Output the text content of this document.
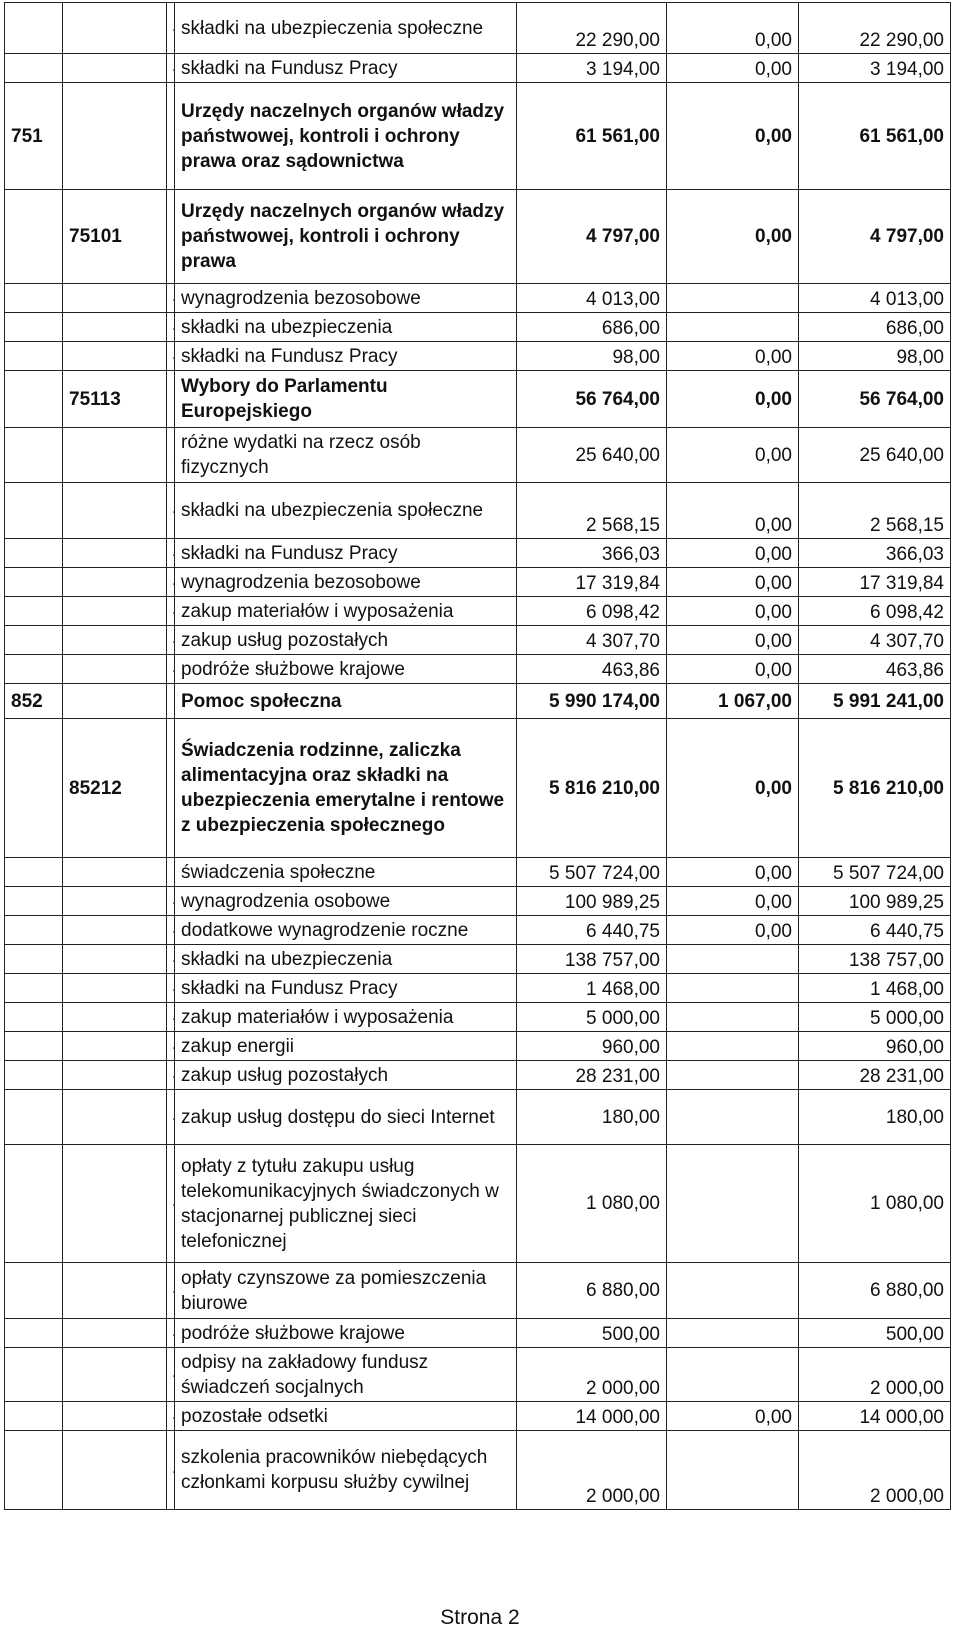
			składki na ubezpieczenia społeczne	22 290,00	0,00	22 290,00
			składki na Fundusz Pracy	3 194,00	0,00	3 194,00
751			Urzędy naczelnych organów władzy państwowej, kontroli i ochrony prawa oraz sądownictwa	61 561,00	0,00	61 561,00
	75101		Urzędy naczelnych organów władzy państwowej, kontroli i ochrony prawa	4 797,00	0,00	4 797,00
			wynagrodzenia bezosobowe	4 013,00		4 013,00
			składki na ubezpieczenia	686,00		686,00
			składki na Fundusz Pracy	98,00	0,00	98,00
	75113		Wybory do Parlamentu Europejskiego	56 764,00	0,00	56 764,00
			różne wydatki na rzecz osób fizycznych	25 640,00	0,00	25 640,00
			składki na ubezpieczenia społeczne	2 568,15	0,00	2 568,15
			składki na Fundusz Pracy	366,03	0,00	366,03
			wynagrodzenia bezosobowe	17 319,84	0,00	17 319,84
			zakup materiałów i wyposażenia	6 098,42	0,00	6 098,42
			zakup usług pozostałych	4 307,70	0,00	4 307,70
			podróże służbowe krajowe	463,86	0,00	463,86
852			Pomoc społeczna	5 990 174,00	1 067,00	5 991 241,00
	85212		Świadczenia rodzinne, zaliczka alimentacyjna oraz składki na ubezpieczenia emerytalne i rentowe z ubezpieczenia społecznego	5 816 210,00	0,00	5 816 210,00
			świadczenia społeczne	5 507 724,00	0,00	5 507 724,00
			wynagrodzenia osobowe	100 989,25	0,00	100 989,25
			dodatkowe wynagrodzenie roczne	6 440,75	0,00	6 440,75
			składki na ubezpieczenia	138 757,00		138 757,00
			składki na Fundusz Pracy	1 468,00		1 468,00
			zakup materiałów i wyposażenia	5 000,00		5 000,00
			zakup energii	960,00		960,00
			zakup usług pozostałych	28 231,00		28 231,00
			zakup usług dostępu do sieci Internet	180,00		180,00
			opłaty z tytułu zakupu usług telekomunikacyjnych świadczonych w stacjonarnej publicznej sieci telefonicznej	1 080,00		1 080,00
			opłaty czynszowe za pomieszczenia biurowe	6 880,00		6 880,00
			podróże służbowe krajowe	500,00		500,00
			odpisy na zakładowy fundusz świadczeń socjalnych	2 000,00		2 000,00
			pozostałe odsetki	14 000,00	0,00	14 000,00
			szkolenia pracowników niebędących członkami korpusu służby cywilnej	2 000,00		2 000,00
Strona 2
